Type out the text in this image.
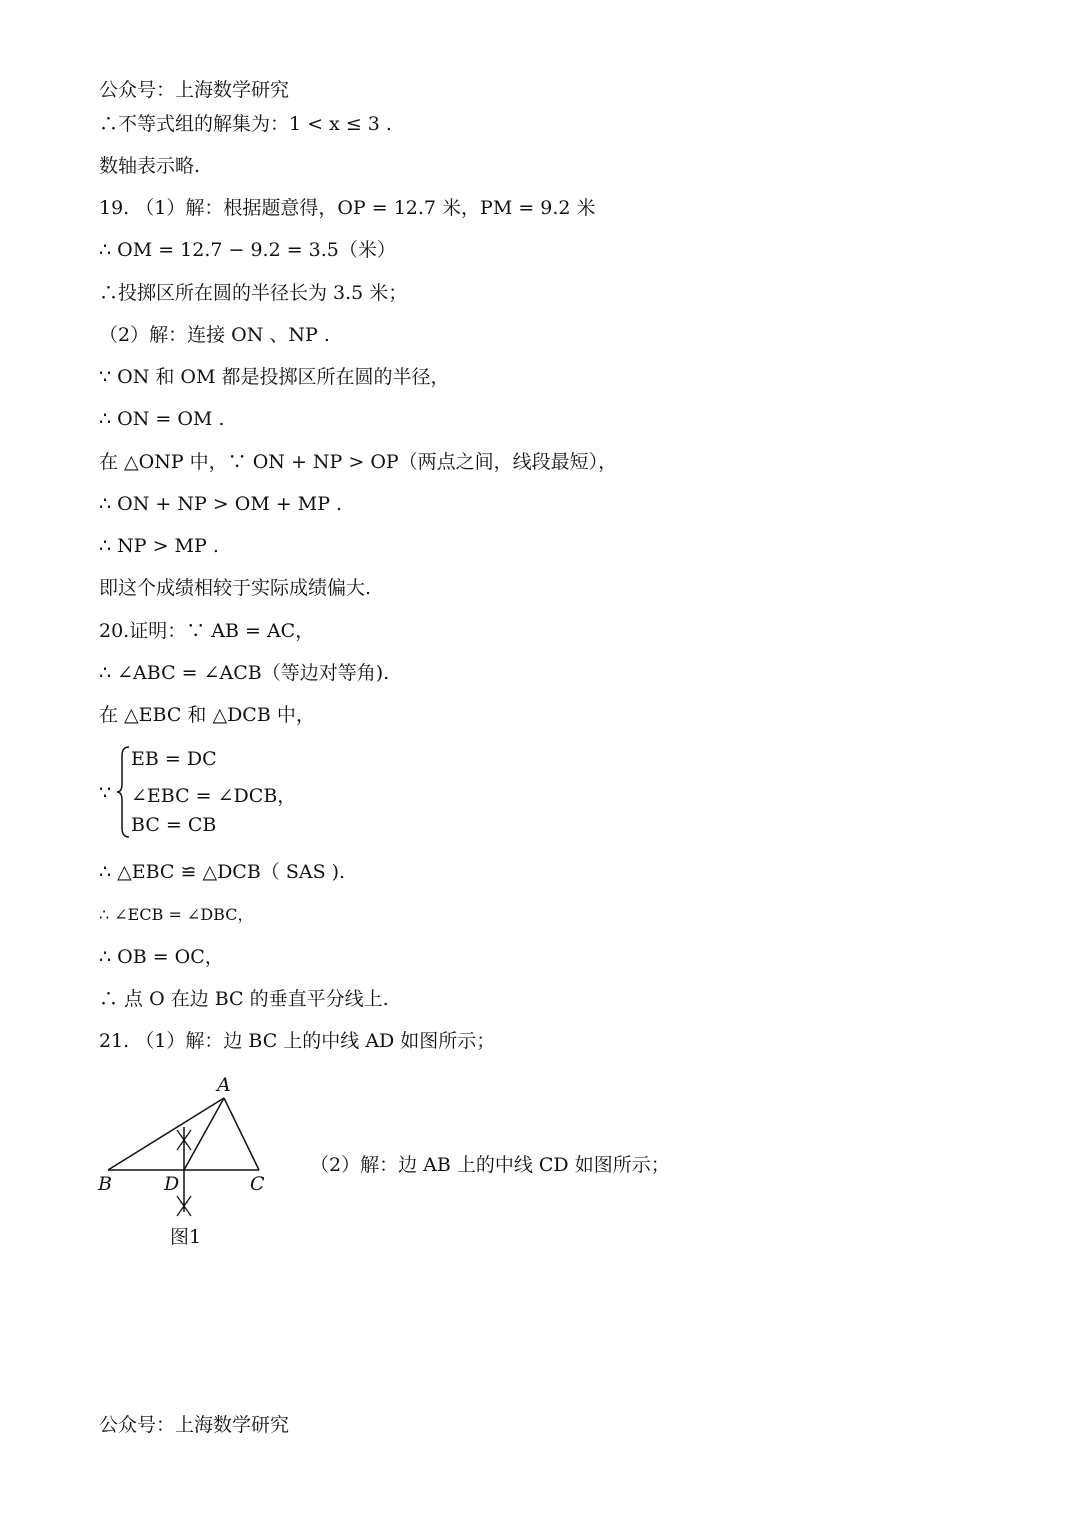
公众号：上海数学研究
∴不等式组的解集为：1 < x ≤ 3 .
数轴表示略.
19. （1）解：根据题意得，OP = 12.7 米，PM = 9.2 米
∴ OM = 12.7 − 9.2 = 3.5（米）
∴投掷区所在圆的半径长为 3.5 米；
（2）解：连接 ON 、NP .
∵ ON 和 OM 都是投掷区所在圆的半径，
∴ ON = OM .
在 △ONP 中，∵ ON + NP > OP（两点之间，线段最短），
∴ ON + NP > OM + MP .
∴ NP > MP .
即这个成绩相较于实际成绩偏大.
20.证明：∵ AB = AC，
∴ ∠ABC = ∠ACB（等边对等角).
在 △EBC 和 △DCB 中，
∵
EB = DC
∠EBC = ∠DCB，
BC = CB
∴ △EBC ≌ △DCB（ SAS ).
∴ ∠ECB = ∠DBC，
∴ OB = OC，
∴ 点 O 在边 BC 的垂直平分线上.
21. （1）解：边 BC 上的中线 AD 如图所示；
A
B	D	C
图1
（2）解：边 AB 上的中线 CD 如图所示；
公众号：上海数学研究
